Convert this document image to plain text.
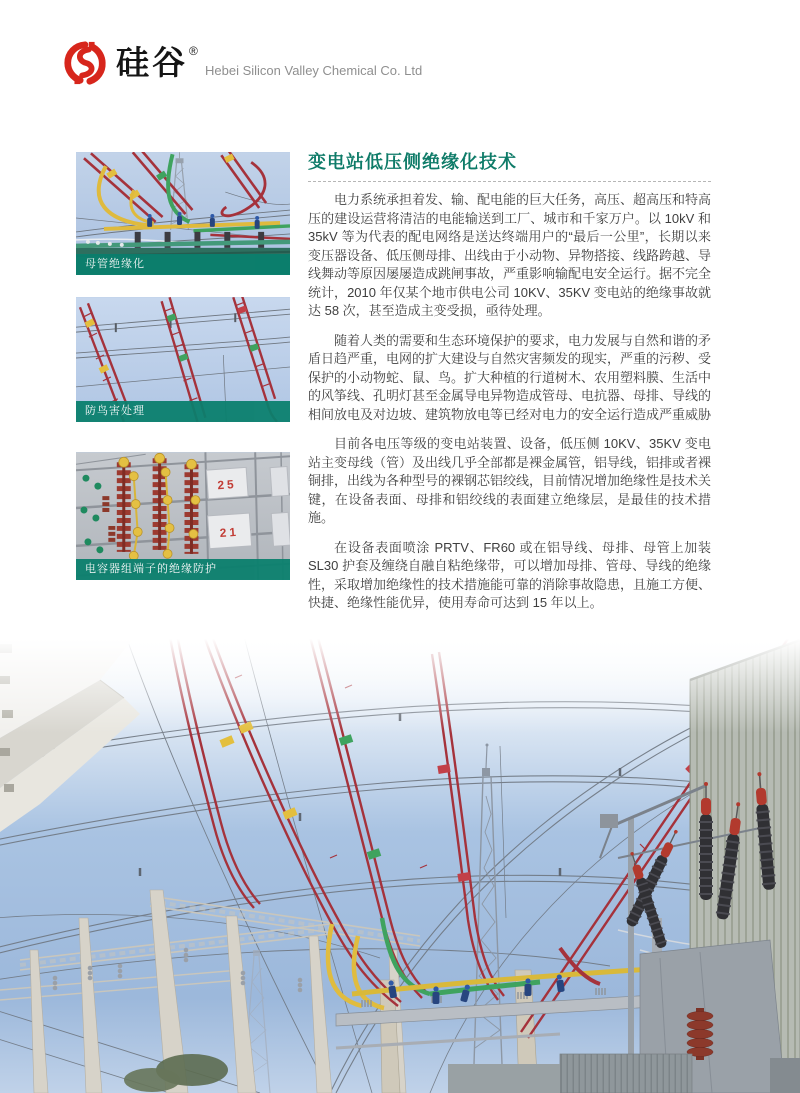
硅谷 ®
Hebei Silicon Valley Chemical Co. Ltd
母管绝缘化
防鸟害处理
25
21
电容器组端子的绝缘防护
变电站低压侧绝缘化技术

电力系统承担着发、输、配电能的巨大任务，高压、超高压和特高压的建设运营将清洁的电能输送到工厂、城市和千家万户。以 10kV 和 35kV 等为代表的配电网络是送达终端用户的“最后一公里”，长期以来变压器设备、低压侧母排、出线由于小动物、异物搭接、线路跨越、导线舞动等原因屡屡造成跳闸事故，严重影响输配电安全运行。据不完全统计，2010 年仅某个地市供电公司 10KV、35KV 变电站的绝缘事故就达 58 次，甚至造成主变受损，亟待处理。

随着人类的需要和生态环境保护的要求，电力发展与自然和谐的矛盾日趋严重，电网的扩大建设与自然灾害频发的现实，严重的污秽、受保护的小动物蛇、鼠、鸟。扩大种植的行道树木、农用塑料膜、生活中的风筝线、孔明灯甚至金属导电异物造成管母、电抗器、母排、导线的相间放电及对边坡、建筑物放电等已经对电力的安全运行造成严重威胁

目前各电压等级的变电站装置、设备，低压侧 10KV、35KV 变电站主变母线（管）及出线几乎全部都是裸金属管，铝导线，铝排或者裸铜排，出线为各种型号的裸钢芯铝绞线，目前情况增加绝缘性是技术关键，在设备表面、母排和铝绞线的表面建立绝缘层，是最佳的技术措施。

在设备表面喷涂 PRTV、FR60 或在铝导线、母排、母管上加装 SL30 护套及缠绕自融自粘绝缘带，可以增加母排、管母、导线的绝缘性，采取增加绝缘性的技术措施能可靠的消除事故隐患，且施工方便、快捷、绝缘性能优异，使用寿命可达到 15 年以上。
